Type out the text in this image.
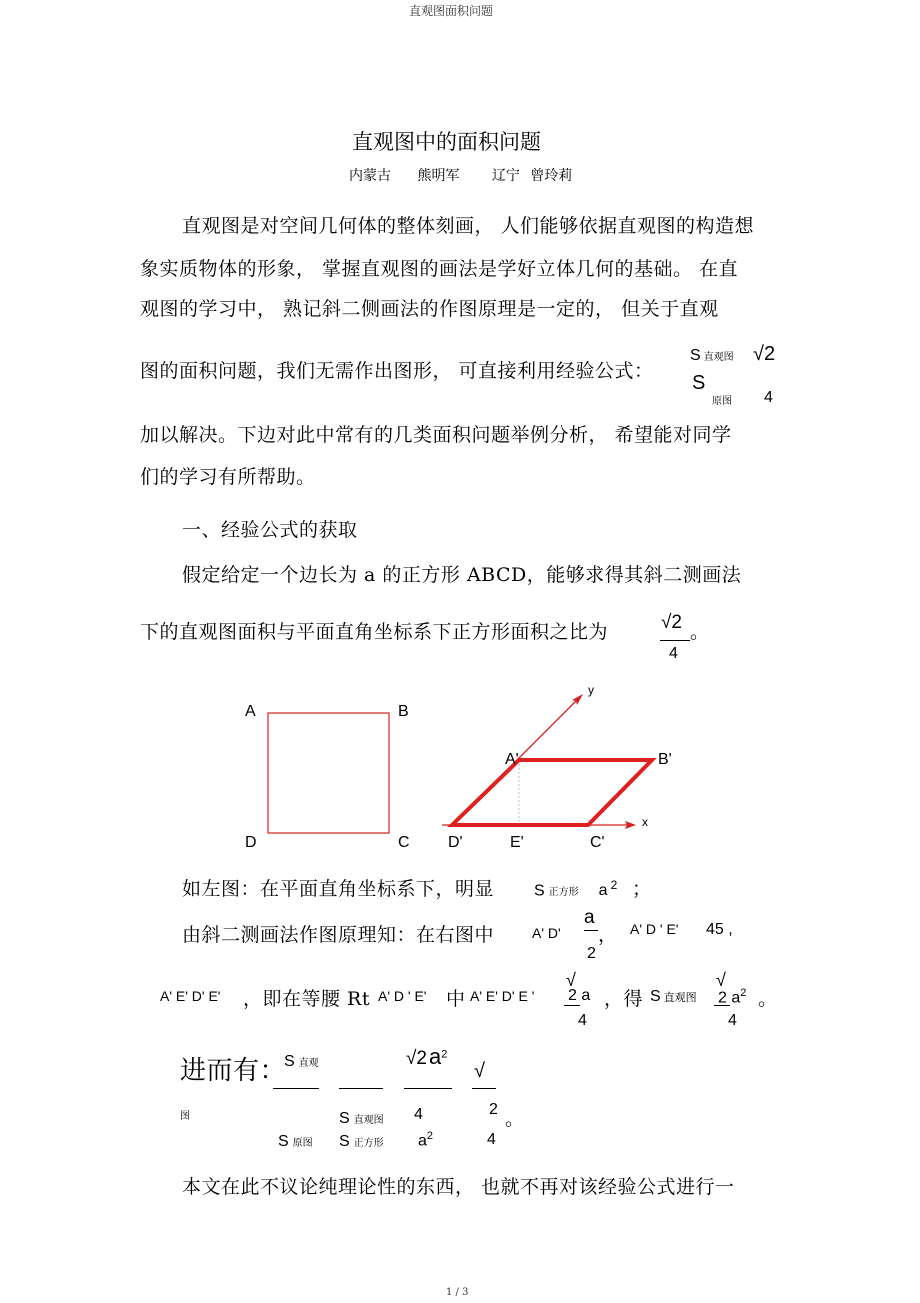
直观图面积问题
直观图中的面积问题
内蒙古 熊明军 辽宁 曾玲莉
直观图是对空间几何体的整体刻画， 人们能够依据直观图的构造想
象实质物体的形象， 掌握直观图的画法是学好立体几何的基础。 在直
观图的学习中， 熟记斜二侧画法的作图原理是一定的， 但关于直观
图的面积问题，我们无需作出图形， 可直接利用经验公式：
S直观图
S
原图
√2
4
加以解决。下边对此中常有的几类面积问题举例分析， 希望能对同学
们的学习有所帮助。
一、经验公式的获取
假定给定一个边长为 a 的正方形 ABCD，能够求得其斜二测画法
下的直观图面积与平面直角坐标系下正方形面积之比为	√2
4
。
A	B
D	C
y
A'	B'
x
D'	E'	C'
如左图：在平面直角坐标系下，明显 S正方形 a $^2$ ；
由斜二测画法作图原理知：在右图中	A' D'
a
2
， A' D ' E' 45 ,
A' E' D' E' ，即在等腰 Rt A' D ' E' 中 A' E' D' E '
√
2 a
4
，得 S 直观图
√
2 $a^2$
4
。
进而有：
S直观
图
S原图
S直观图
S正方形
$√2a^2$
4
$a^2$
√
2 。
4
本文在此不议论纯理论性的东西， 也就不再对该经验公式进行一
1 / 3
